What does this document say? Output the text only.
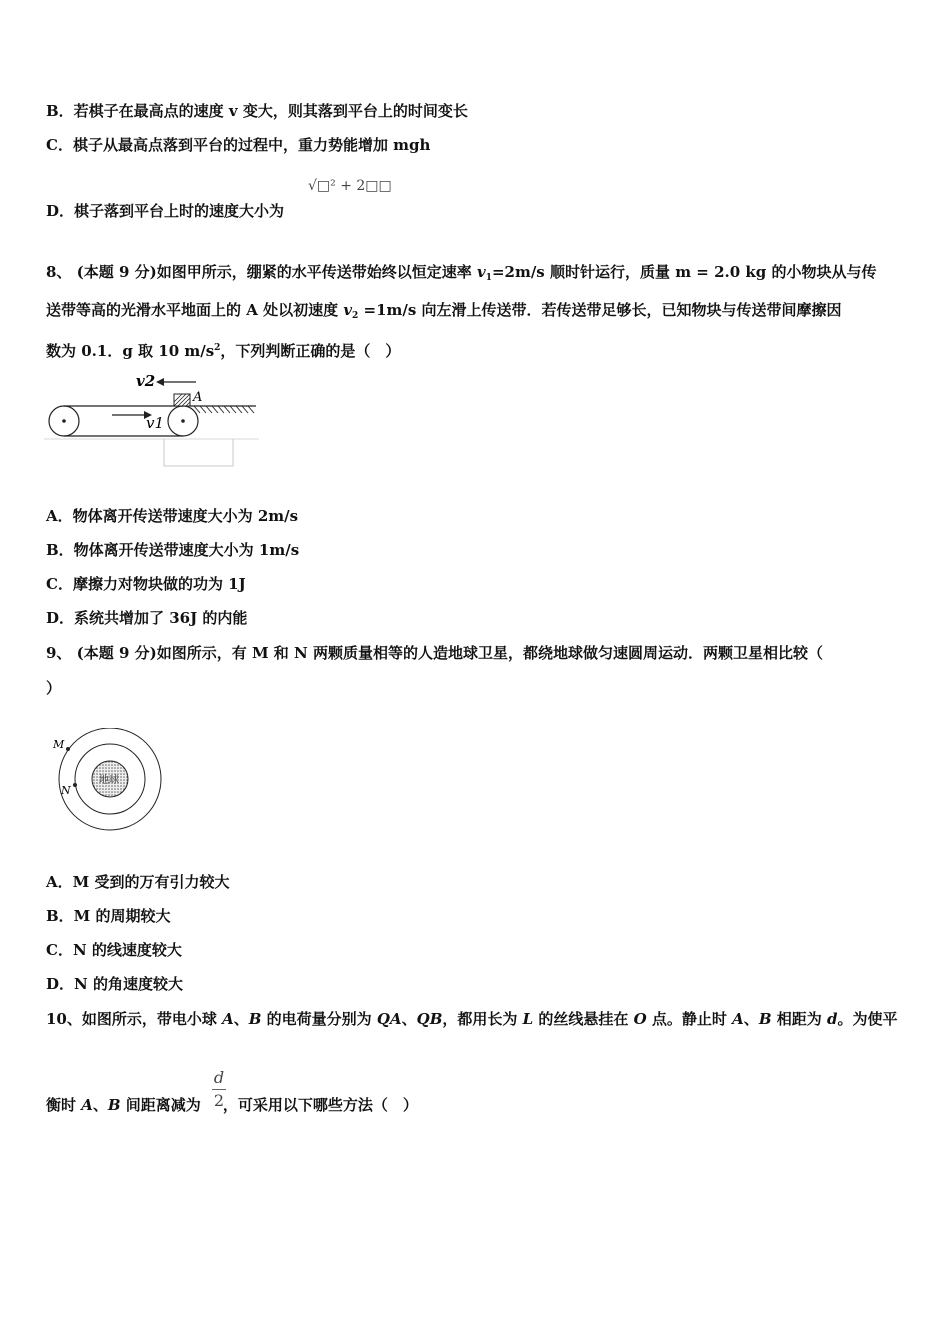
B．若棋子在最高点的速度 v 变大，则其落到平台上的时间变长
C．棋子从最高点落到平台的过程中，重力势能增加 mgh
D．棋子落到平台上时的速度大小为
√□² + 2□□
8、 (本题 9 分)如图甲所示，绷紧的水平传送带始终以恒定速率 $v_1=2m/s$ 顺时针运行，质量 m = 2.0 kg 的小物块从与传
送带等高的光滑水平地面上的 A 处以初速度 $v_2 =1m/s$ 向左滑上传送带．若传送带足够长，已知物块与传送带间摩擦因
数为 0.1．g 取 10 $m/s^2$，下列判断正确的是（　）
v1
v2
A
A．物体离开传送带速度大小为 2m/s
B．物体离开传送带速度大小为 1m/s
C．摩擦力对物块做的功为 1J
D．系统共增加了 36J 的内能
9、 (本题 9 分)如图所示，有 M 和 N 两颗质量相等的人造地球卫星，都绕地球做匀速圆周运动．两颗卫星相比较（
）
地球
M
N
A．M 受到的万有引力较大
B．M 的周期较大
C．N 的线速度较大
D．N 的角速度较大
10、如图所示，带电小球 A、B 的电荷量分别为 QA、QB，都用长为 L 的丝线悬挂在 O 点。静止时 A、B 相距为 d。为使平
衡时 A、B 间距离减为 ，可采用以下哪些方法（　）
d
2
